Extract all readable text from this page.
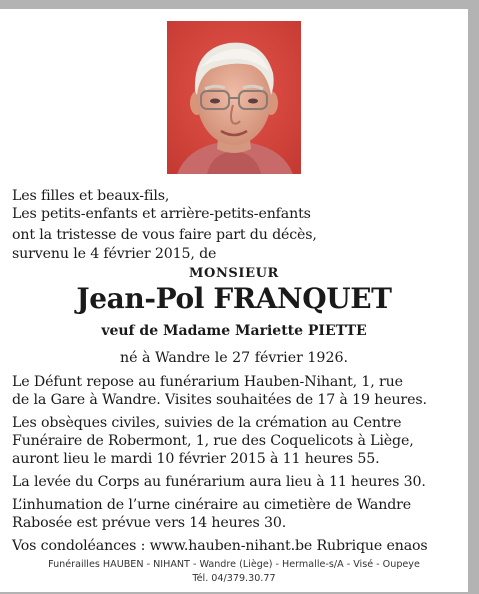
Les filles et beaux-fils,
Les petits-enfants et arrière-petits-enfants
ont la tristesse de vous faire part du décès,
survenu le 4 février 2015, de
MONSIEUR
Jean-Pol FRANQUET
veuf de Madame Mariette PIETTE
né à Wandre le 27 février 1926.
Le Défunt repose au funérarium Hauben-Nihant, 1, rue
de la Gare à Wandre. Visites souhaitées de 17 à 19 heures.
Les obsèques civiles, suivies de la crémation au Centre
Funéraire de Robermont, 1, rue des Coquelicots à Liège,
auront lieu le mardi 10 février 2015 à 11 heures 55.
La levée du Corps au funérarium aura lieu à 11 heures 30.
L’inhumation de l’urne cinéraire au cimetière de Wandre
Rabosée est prévue vers 14 heures 30.
Vos condoléances : www.hauben-nihant.be Rubrique enaos
Funérailles HAUBEN - NIHANT - Wandre (Liège) - Hermalle-s/A - Visé - Oupeye
Tél. 04/379.30.77
